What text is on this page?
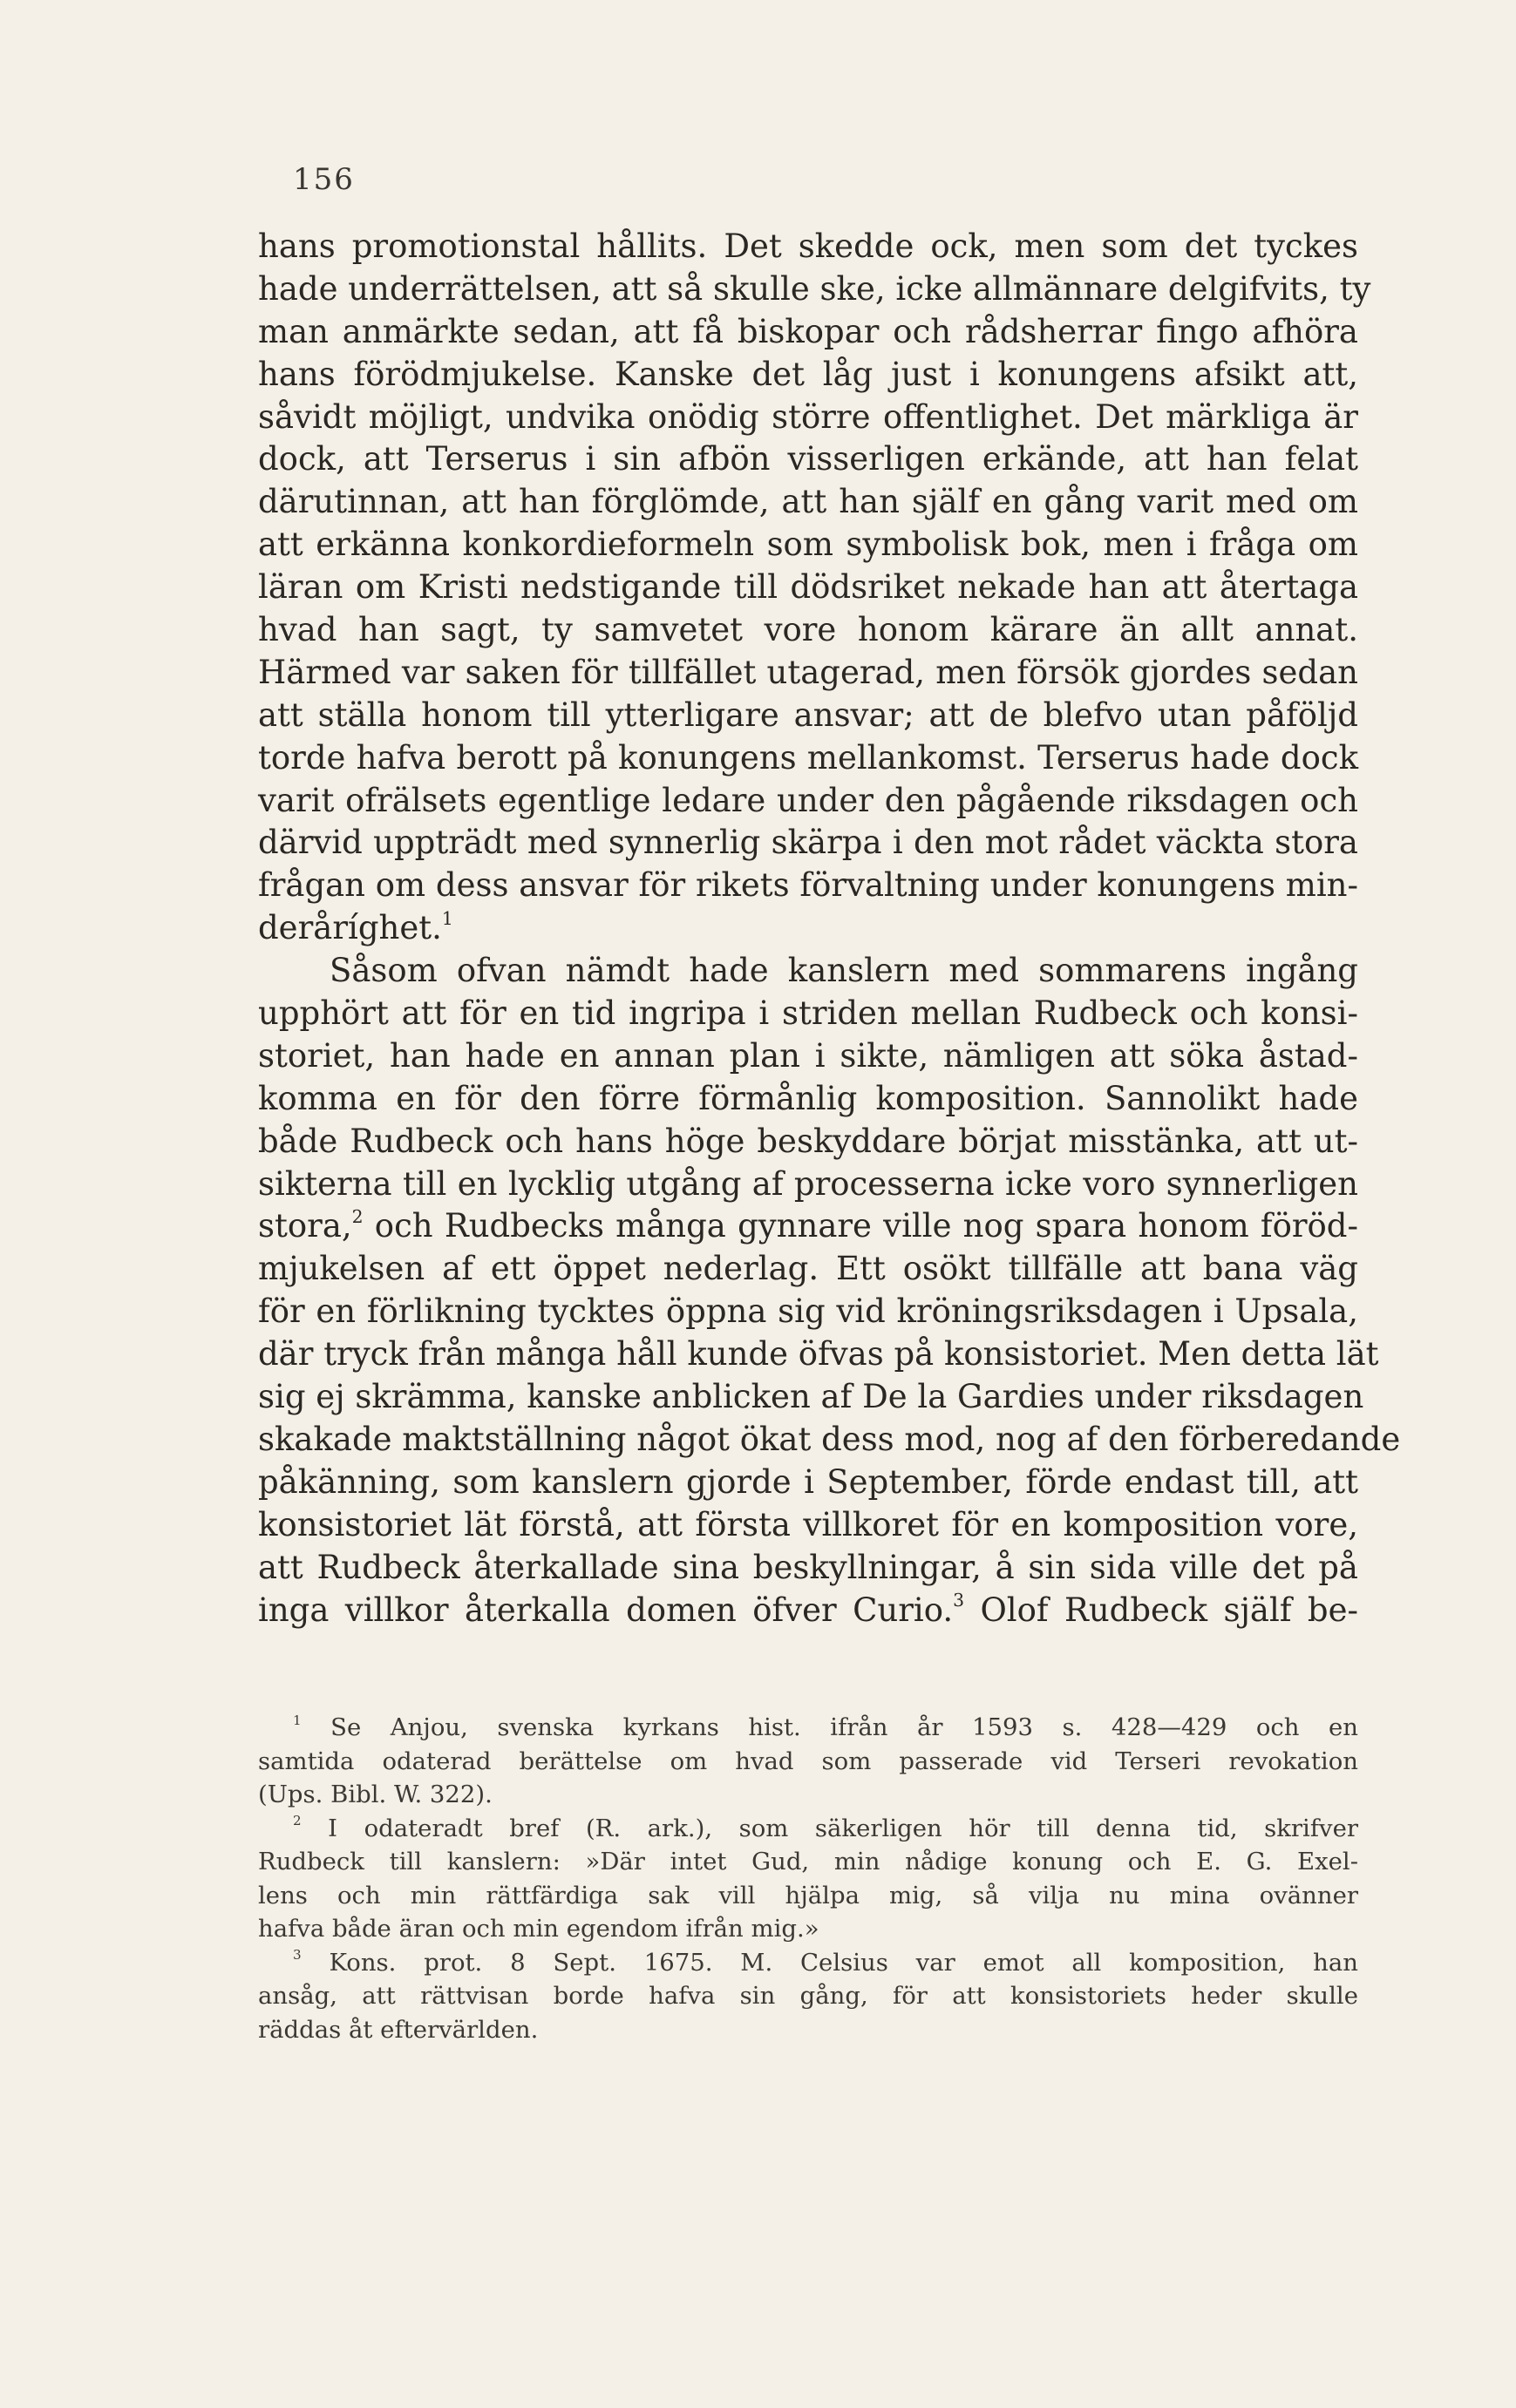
156
hans promotionstal hållits. Det skedde ock, men som det tyckes
hade underrättelsen, att så skulle ske, icke allmännare delgifvits, ty
man anmärkte sedan, att få biskopar och rådsherrar fingo afhöra
hans förödmjukelse. Kanske det låg just i konungens afsikt att,
såvidt möjligt, undvika onödig större offentlighet. Det märkliga är
dock, att Terserus i sin afbön visserligen erkände, att han felat
därutinnan, att han förglömde, att han själf en gång varit med om
att erkänna konkordieformeln som symbolisk bok, men i fråga om
läran om Kristi nedstigande till dödsriket nekade han att återtaga
hvad han sagt, ty samvetet vore honom kärare än allt annat.
Härmed var saken för tillfället utagerad, men försök gjordes sedan
att ställa honom till ytterligare ansvar; att de blefvo utan påföljd
torde hafva berott på konungens mellankomst. Terserus hade dock
varit ofrälsets egentlige ledare under den pågående riksdagen och
därvid uppträdt med synnerlig skärpa i den mot rådet väckta stora
frågan om dess ansvar för rikets förvaltning under konungens min-
deråríghet.$^1$
Såsom ofvan nämdt hade kanslern med sommarens ingång
upphört att för en tid ingripa i striden mellan Rudbeck och konsi-
storiet, han hade en annan plan i sikte, nämligen att söka åstad-
komma en för den förre förmånlig komposition. Sannolikt hade
både Rudbeck och hans höge beskyddare börjat misstänka, att ut-
sikterna till en lycklig utgång af processerna icke voro synnerligen
stora,$^2$ och Rudbecks många gynnare ville nog spara honom föröd-
mjukelsen af ett öppet nederlag. Ett osökt tillfälle att bana väg
för en förlikning tycktes öppna sig vid kröningsriksdagen i Upsala,
där tryck från många håll kunde öfvas på konsistoriet. Men detta lät
sig ej skrämma, kanske anblicken af De la Gardies under riksdagen
skakade maktställning något ökat dess mod, nog af den förberedande
påkänning, som kanslern gjorde i September, förde endast till, att
konsistoriet lät förstå, att första villkoret för en komposition vore,
att Rudbeck återkallade sina beskyllningar, å sin sida ville det på
inga villkor återkalla domen öfver Curio.$^3$ Olof Rudbeck själf be-
$^1$ Se Anjou, svenska kyrkans hist. ifrån år 1593 s. 428—429 och en
samtida odaterad berättelse om hvad som passerade vid Terseri revokation
(Ups. Bibl. W. 322).
$^2$ I odateradt bref (R. ark.), som säkerligen hör till denna tid, skrifver
Rudbeck till kanslern: »Där intet Gud, min nådige konung och E. G. Exel-
lens och min rättfärdiga sak vill hjälpa mig, så vilja nu mina ovänner
hafva både äran och min egendom ifrån mig.»
$^3$ Kons. prot. 8 Sept. 1675. M. Celsius var emot all komposition, han
ansåg, att rättvisan borde hafva sin gång, för att konsistoriets heder skulle
räddas åt eftervärlden.
